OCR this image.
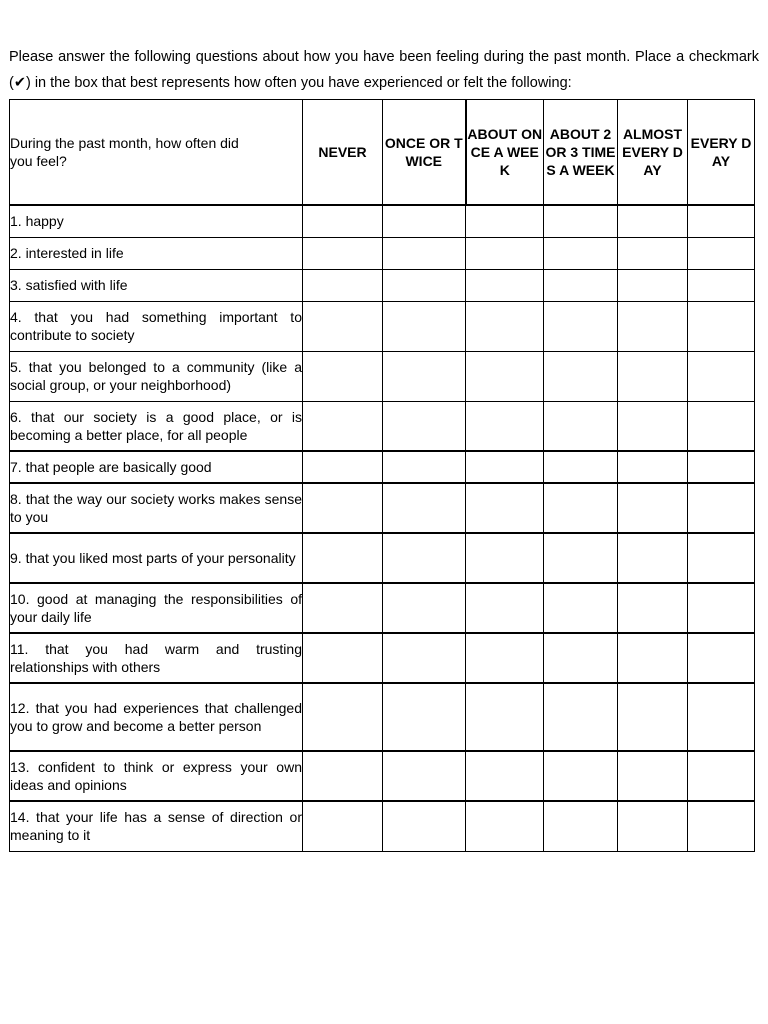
Please answer the following questions about how you have been feeling during the past month. Place a checkmark (✔) in the box that best represents how often you have experienced or felt the following:

During the past month, how often did you feel?	NEVER	ONCE OR TWICE	ABOUT ONCE A WEEK	ABOUT 2 OR 3 TIMES A WEEK	ALMOST EVERY DAY	EVERY DAY
1. happy						
2. interested in life						
3. satisfied with life						
4. that you had something important to contribute to society						
5. that you belonged to a community (like a social group, or your neighborhood)						
6. that our society is a good place, or is becoming a better place, for all people						
7. that people are basically good						
8. that the way our society works makes sense to you						
9. that you liked most parts of your personality						
10. good at managing the responsibilities of your daily life						
11. that you had warm and trusting relationships with others						
12. that you had experiences that challenged you to grow and become a better person						
13. confident to think or express your own ideas and opinions						
14. that your life has a sense of direction or meaning to it						
